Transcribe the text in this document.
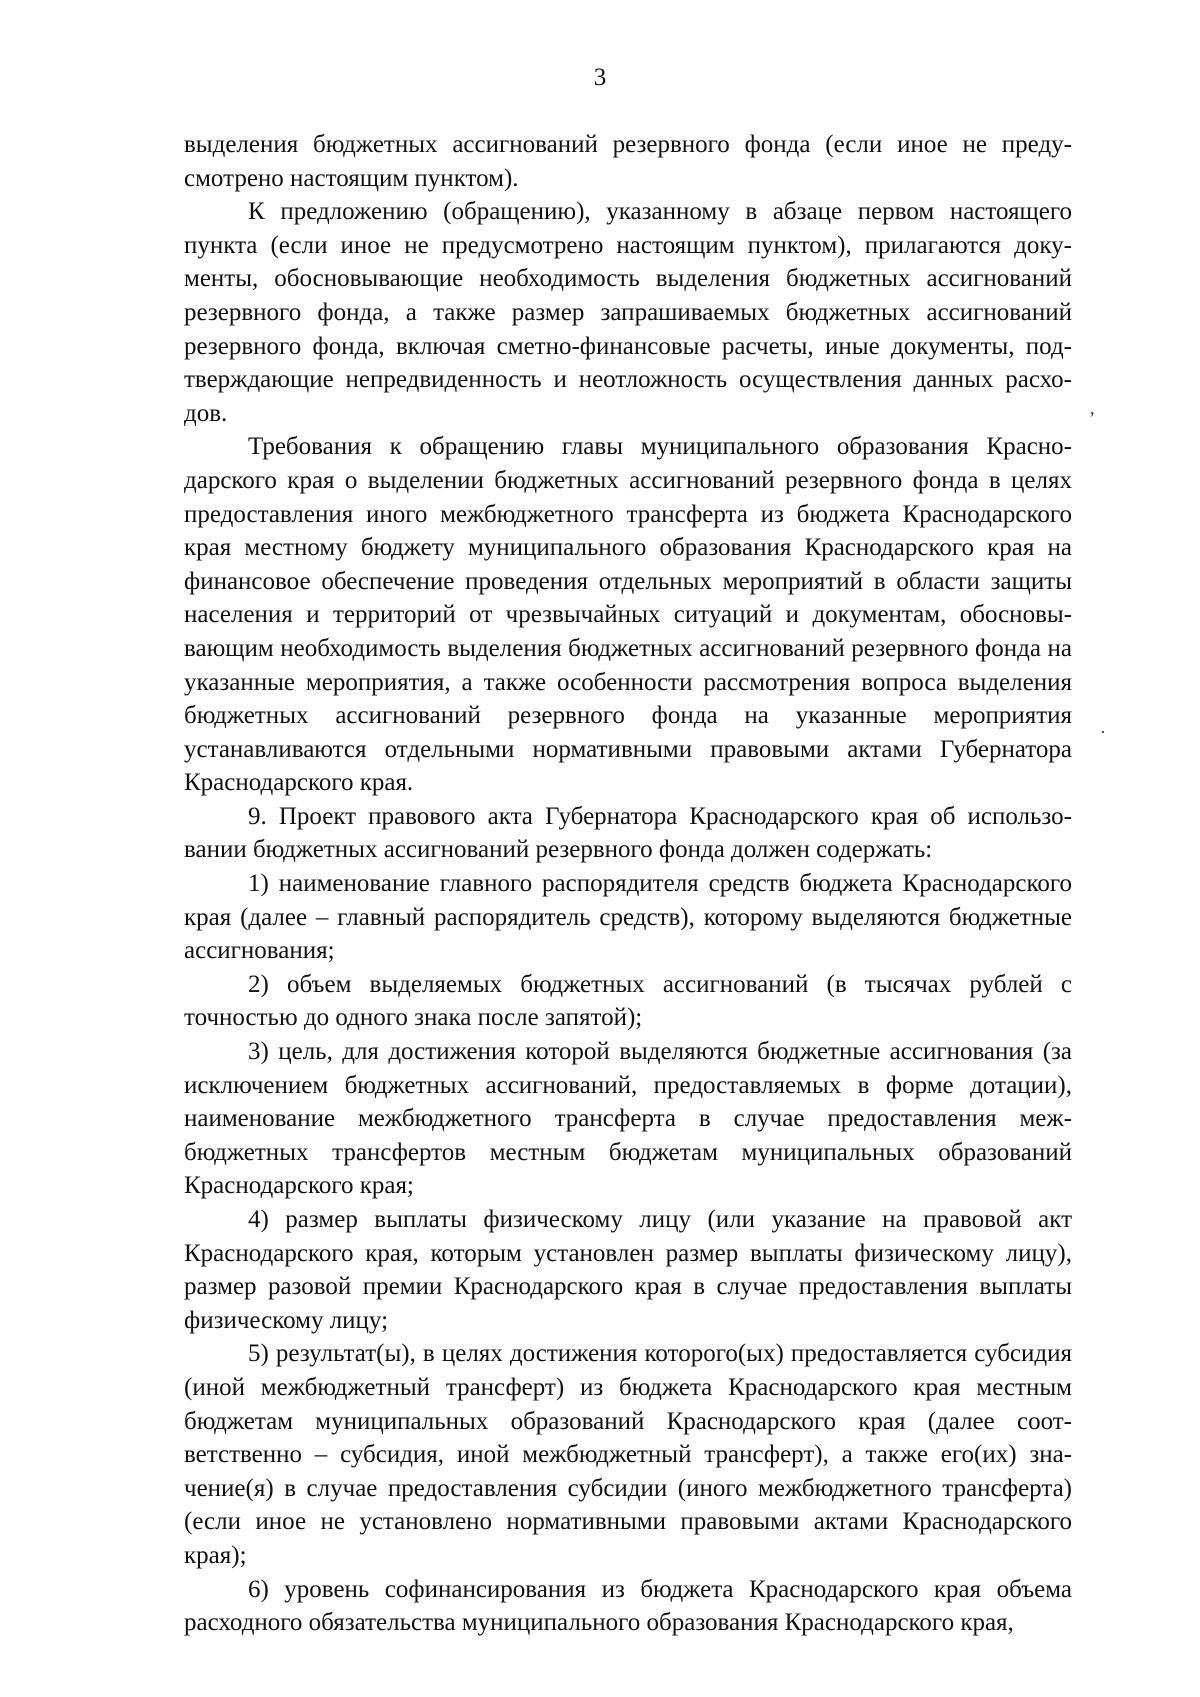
3

выделения бюджетных ассигнований резервного фонда (если иное не предусмотрено настоящим пунктом).

К предложению (обращению), указанному в абзаце первом настоящего пункта (если иное не предусмотрено настоящим пунктом), прилагаются документы, обосновывающие необходимость выделения бюджетных ассигнований резервного фонда, а также размер запрашиваемых бюджетных ассигнований резервного фонда, включая сметно-финансовые расчеты, иные документы, подтверждающие непредвиденность и неотложность осуществления данных расходов.

Требования к обращению главы муниципального образования Краснодарского края о выделении бюджетных ассигнований резервного фонда в целях предоставления иного межбюджетного трансферта из бюджета Краснодарского края местному бюджету муниципального образования Краснодарского края на финансовое обеспечение проведения отдельных мероприятий в области защиты населения и территорий от чрезвычайных ситуаций и документам, обосновывающим необходимость выделения бюджетных ассигнований резервного фонда на указанные мероприятия, а также особенности рассмотрения вопроса выделения бюджетных ассигнований резервного фонда на указанные мероприятия устанавливаются отдельными нормативными правовыми актами Губернатора Краснодарского края.

9. Проект правового акта Губернатора Краснодарского края об использовании бюджетных ассигнований резервного фонда должен содержать:

1) наименование главного распорядителя средств бюджета Краснодарского края (далее – главный распорядитель средств), которому выделяются бюджетные ассигнования;

2) объем выделяемых бюджетных ассигнований (в тысячах рублей с точностью до одного знака после запятой);

3) цель, для достижения которой выделяются бюджетные ассигнования (за исключением бюджетных ассигнований, предоставляемых в форме дотации), наименование межбюджетного трансферта в случае предоставления межбюджетных трансфертов местным бюджетам муниципальных образований Краснодарского края;

4) размер выплаты физическому лицу (или указание на правовой акт Краснодарского края, которым установлен размер выплаты физическому лицу), размер разовой премии Краснодарского края в случае предоставления выплаты физическому лицу;

5) результат(ы), в целях достижения которого(ых) предоставляется субсидия (иной межбюджетный трансферт) из бюджета Краснодарского края местным бюджетам муниципальных образований Краснодарского края (далее соответственно – субсидия, иной межбюджетный трансферт), а также его(их) значение(я) в случае предоставления субсидии (иного межбюджетного трансферта) (если иное не установлено нормативными правовыми актами Краснодарского края);

6) уровень софинансирования из бюджета Краснодарского края объема расходного обязательства муниципального образования Краснодарского края,

,
·
